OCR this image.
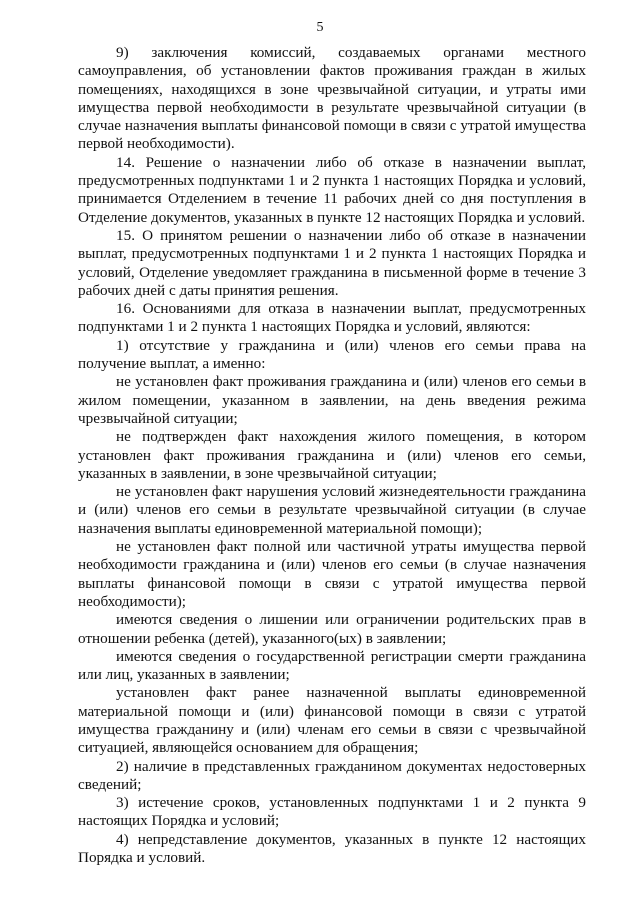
5

9) заключения комиссий, создаваемых органами местного самоуправления, об установлении фактов проживания граждан в жилых помещениях, находящихся в зоне чрезвычайной ситуации, и утраты ими имущества первой необходимости в результате чрезвычайной ситуации (в случае назначения выплаты финансовой помощи в связи с утратой имущества первой необходимости).

14. Решение о назначении либо об отказе в назначении выплат, предусмотренных подпунктами 1 и 2 пункта 1 настоящих Порядка и условий, принимается Отделением в течение 11 рабочих дней со дня поступления в Отделение документов, указанных в пункте 12 настоящих Порядка и условий.

15. О принятом решении о назначении либо об отказе в назначении выплат, предусмотренных подпунктами 1 и 2 пункта 1 настоящих Порядка и условий, Отделение уведомляет гражданина в письменной форме в течение 3 рабочих дней с даты принятия решения.

16. Основаниями для отказа в назначении выплат, предусмотренных подпунктами 1 и 2 пункта 1 настоящих Порядка и условий, являются:

1) отсутствие у гражданина и (или) членов его семьи права на получение выплат, а именно:

не установлен факт проживания гражданина и (или) членов его семьи в жилом помещении, указанном в заявлении, на день введения режима чрезвычайной ситуации;

не подтвержден факт нахождения жилого помещения, в котором установлен факт проживания гражданина и (или) членов его семьи, указанных в заявлении, в зоне чрезвычайной ситуации;

не установлен факт нарушения условий жизнедеятельности гражданина и (или) членов его семьи в результате чрезвычайной ситуации (в случае назначения выплаты единовременной материальной помощи);

не установлен факт полной или частичной утраты имущества первой необходимости гражданина и (или) членов его семьи (в случае назначения выплаты финансовой помощи в связи с утратой имущества первой необходимости);

имеются сведения о лишении или ограничении родительских прав в отношении ребенка (детей), указанного(ых) в заявлении;

имеются сведения о государственной регистрации смерти гражданина или лиц, указанных в заявлении;

установлен факт ранее назначенной выплаты единовременной материальной помощи и (или) финансовой помощи в связи с утратой имущества гражданину и (или) членам его семьи в связи с чрезвычайной ситуацией, являющейся основанием для обращения;

2) наличие в представленных гражданином документах недостоверных сведений;

3) истечение сроков, установленных подпунктами 1 и 2 пункта 9 настоящих Порядка и условий;

4) непредставление документов, указанных в пункте 12 настоящих Порядка и условий.
